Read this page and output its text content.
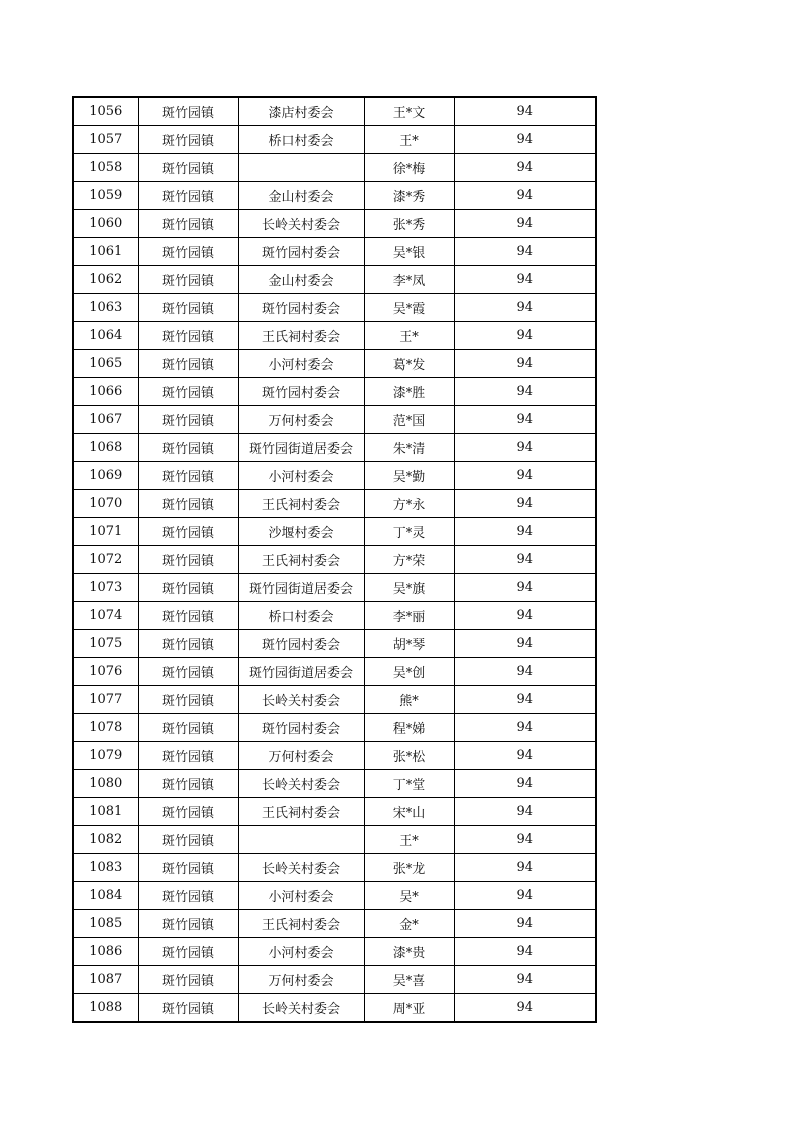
1056	斑竹园镇	漆店村委会	王*文	94
1057	斑竹园镇	桥口村委会	王*	94
1058	斑竹园镇		徐*梅	94
1059	斑竹园镇	金山村委会	漆*秀	94
1060	斑竹园镇	长岭关村委会	张*秀	94
1061	斑竹园镇	斑竹园村委会	吴*银	94
1062	斑竹园镇	金山村委会	李*凤	94
1063	斑竹园镇	斑竹园村委会	吴*霞	94
1064	斑竹园镇	王氏祠村委会	王*	94
1065	斑竹园镇	小河村委会	葛*发	94
1066	斑竹园镇	斑竹园村委会	漆*胜	94
1067	斑竹园镇	万何村委会	范*国	94
1068	斑竹园镇	斑竹园街道居委会	朱*清	94
1069	斑竹园镇	小河村委会	吴*勤	94
1070	斑竹园镇	王氏祠村委会	方*永	94
1071	斑竹园镇	沙堰村委会	丁*灵	94
1072	斑竹园镇	王氏祠村委会	方*荣	94
1073	斑竹园镇	斑竹园街道居委会	吴*旗	94
1074	斑竹园镇	桥口村委会	李*丽	94
1075	斑竹园镇	斑竹园村委会	胡*琴	94
1076	斑竹园镇	斑竹园街道居委会	吴*创	94
1077	斑竹园镇	长岭关村委会	熊*	94
1078	斑竹园镇	斑竹园村委会	程*娣	94
1079	斑竹园镇	万何村委会	张*松	94
1080	斑竹园镇	长岭关村委会	丁*堂	94
1081	斑竹园镇	王氏祠村委会	宋*山	94
1082	斑竹园镇		王*	94
1083	斑竹园镇	长岭关村委会	张*龙	94
1084	斑竹园镇	小河村委会	吴*	94
1085	斑竹园镇	王氏祠村委会	金*	94
1086	斑竹园镇	小河村委会	漆*贵	94
1087	斑竹园镇	万何村委会	吴*喜	94
1088	斑竹园镇	长岭关村委会	周*亚	94
